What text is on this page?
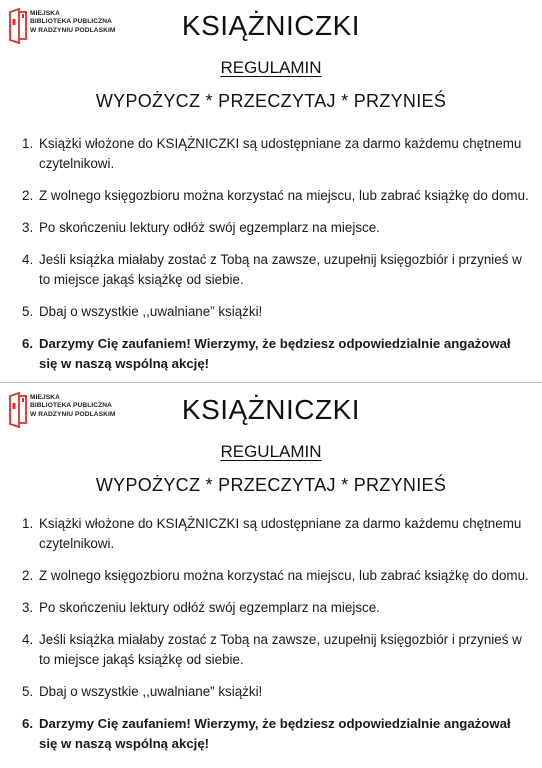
MIEJSKA
BIBLIOTEKA PUBLICZNA
W RADZYNIU PODLASKIM	KSIĄŻNICZKI
REGULAMIN
WYPOŻYCZ * PRZECZYTAJ * PRZYNIEŚ
1. Książki włożone do KSIĄŻNICZKI są udostępniane za darmo każdemu chętnemu czytelnikowi.
2. Z wolnego księgozbioru można korzystać na miejscu, lub zabrać książkę do domu.
3. Po skończeniu lektury odłóż swój egzemplarz na miejsce.
4. Jeśli książka miałaby zostać z Tobą na zawsze, uzupełnij księgozbiór i przynieś w to miejsce jakąś książkę od siebie.
5. Dbaj o wszystkie ,,uwalniane” książki!
6. Darzymy Cię zaufaniem! Wierzymy, że będziesz odpowiedzialnie angażował się w naszą wspólną akcję!
MIEJSKA
BIBLIOTEKA PUBLICZNA
W RADZYNIU PODLASKIM	KSIĄŻNICZKI
REGULAMIN
WYPOŻYCZ * PRZECZYTAJ * PRZYNIEŚ
1. Książki włożone do KSIĄŻNICZKI są udostępniane za darmo każdemu chętnemu czytelnikowi.
2. Z wolnego księgozbioru można korzystać na miejscu, lub zabrać książkę do domu.
3. Po skończeniu lektury odłóż swój egzemplarz na miejsce.
4. Jeśli książka miałaby zostać z Tobą na zawsze, uzupełnij księgozbiór i przynieś w to miejsce jakąś książkę od siebie.
5. Dbaj o wszystkie ,,uwalniane” książki!
6. Darzymy Cię zaufaniem! Wierzymy, że będziesz odpowiedzialnie angażował się w naszą wspólną akcję!
